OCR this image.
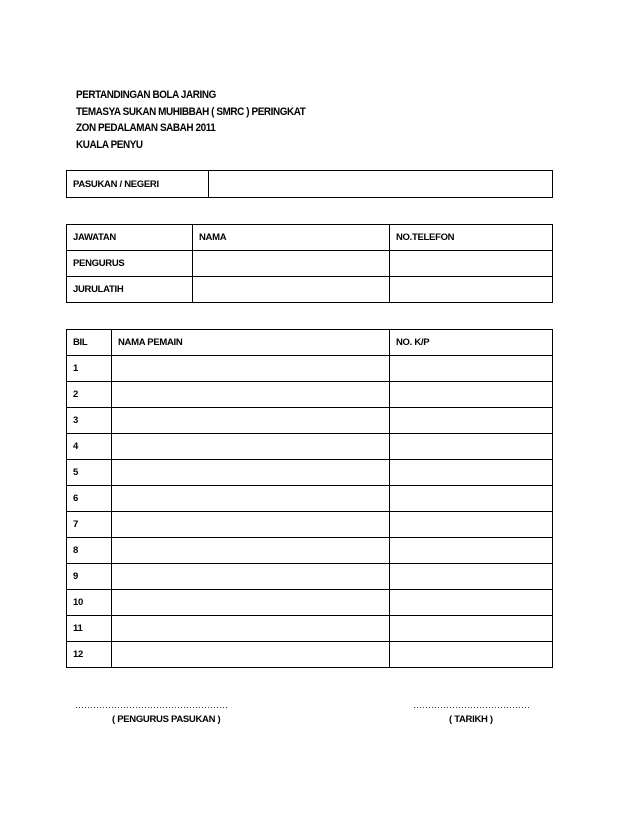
PERTANDINGAN BOLA JARING
TEMASYA SUKAN MUHIBBAH ( SMRC ) PERINGKAT
ZON PEDALAMAN SABAH 2011
KUALA PENYU
PASUKAN / NEGERI	
JAWATAN	NAMA	NO.TELEFON
PENGURUS		
JURULATIH		
BIL	NAMA PEMAIN	NO. K/P
1		
2		
3		
4		
5		
6		
7		
8		
9		
10		
11		
12		
……………………………………………
( PENGURUS PASUKAN )
…………………………………
( TARIKH )
